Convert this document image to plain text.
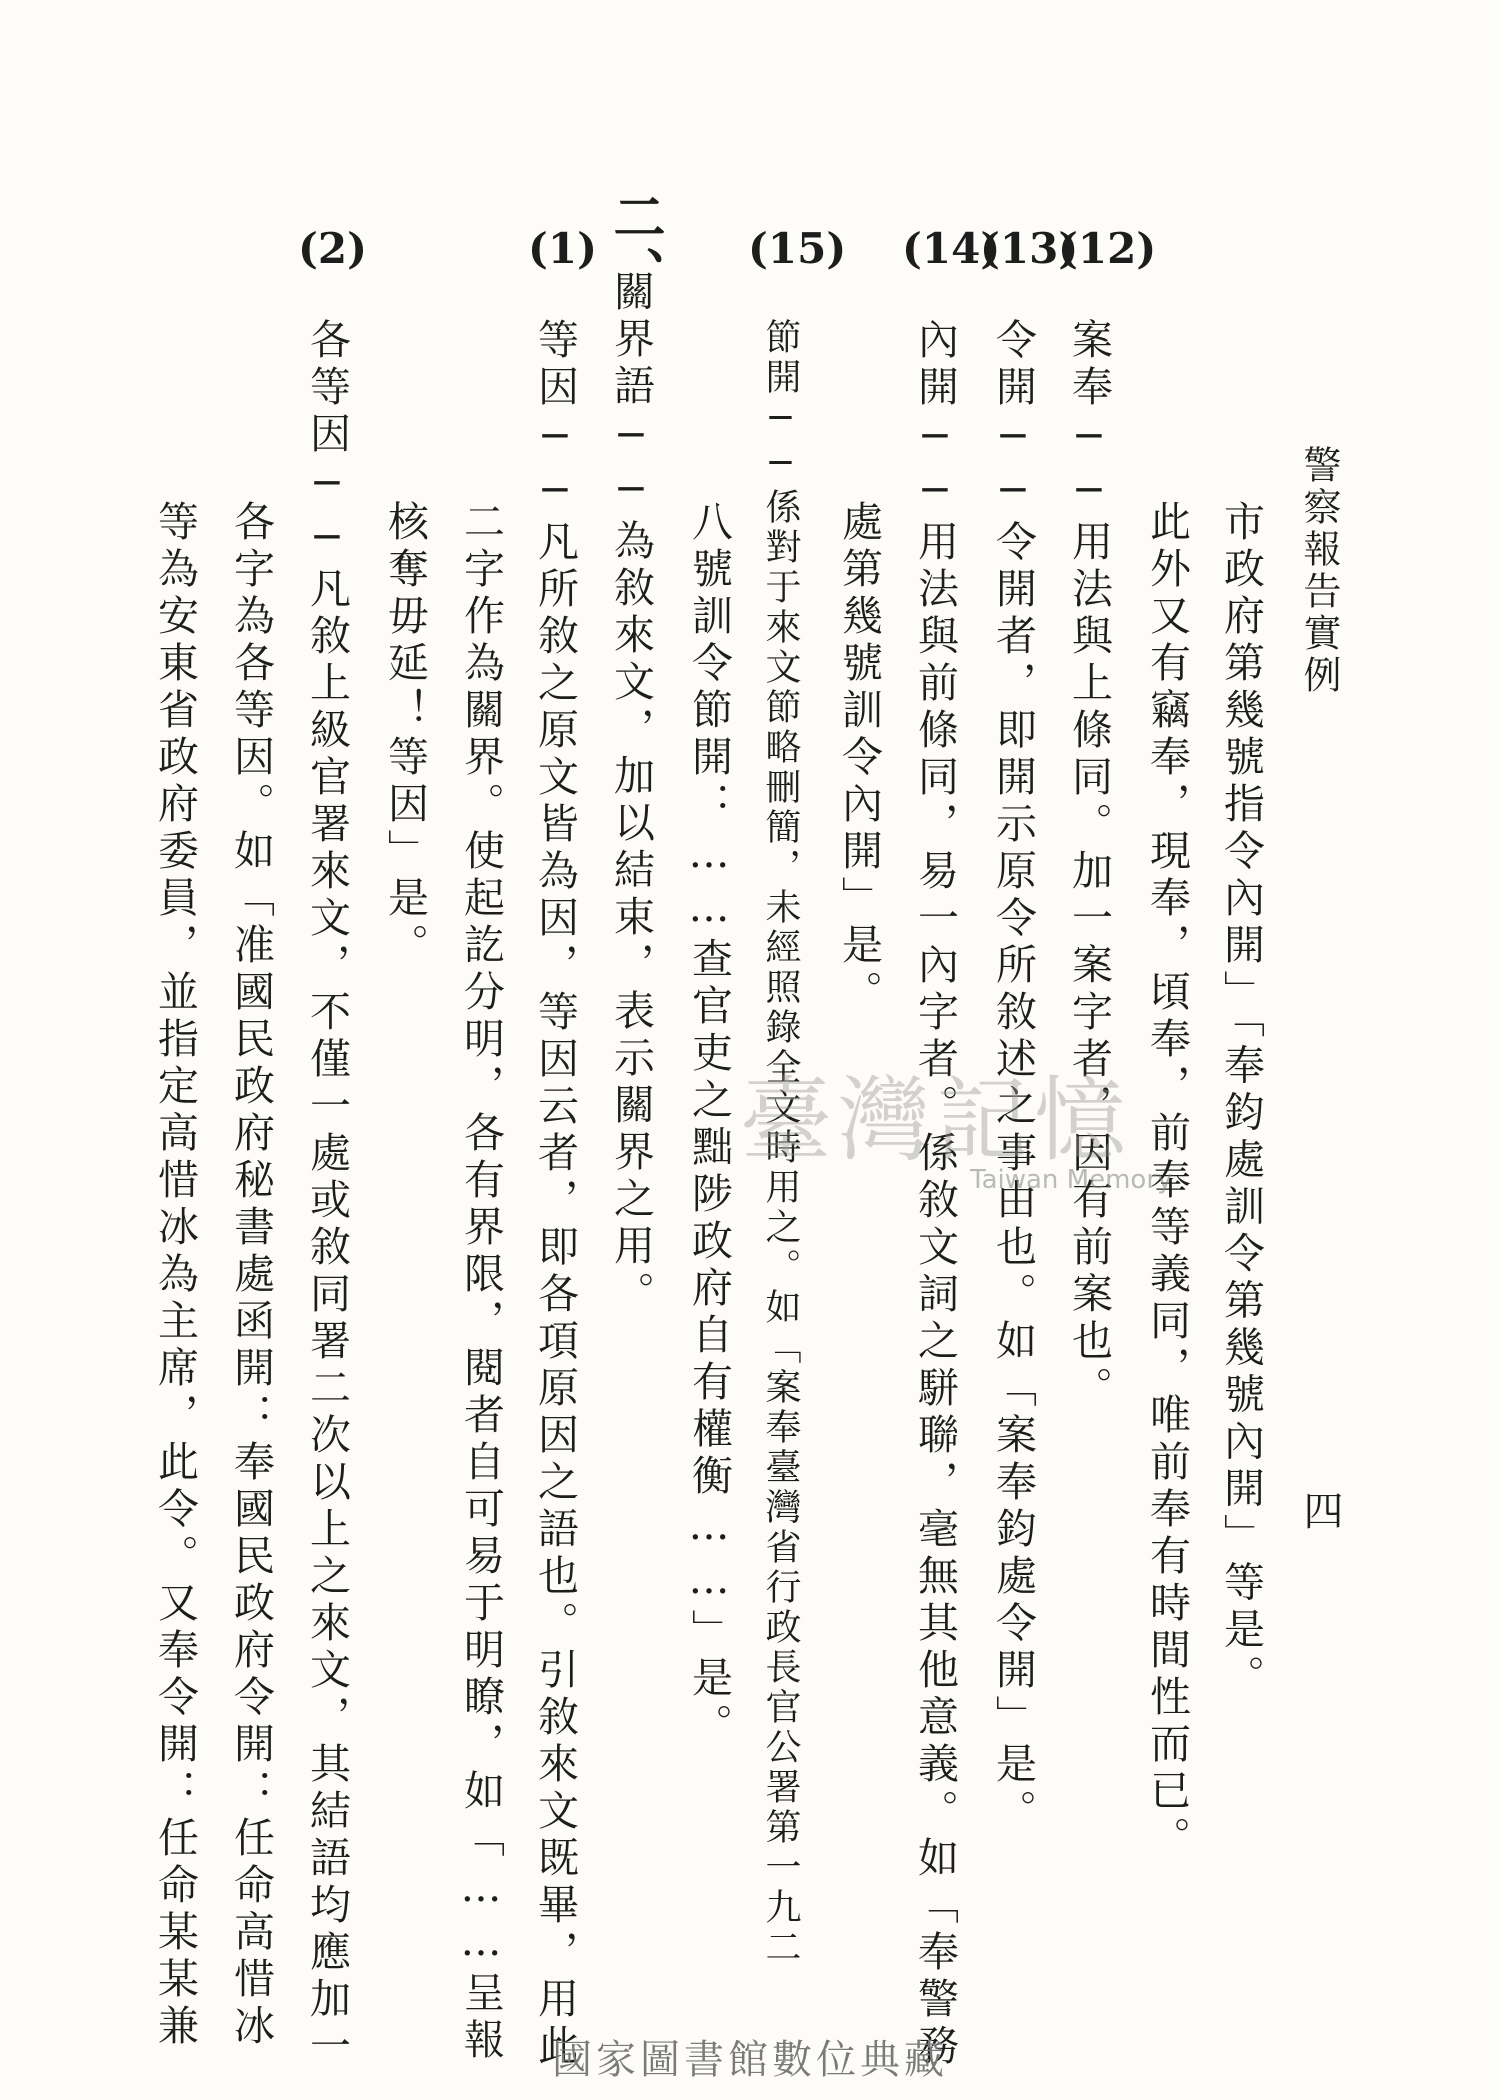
警察報告實例
四
(12)
(13)
(14)
(15)
二、
(1)
(2)
市政府第幾號指令內開」「奉鈞處訓令第幾號內開」等是。
此外又有竊奉，現奉，頃奉，前奉等義同，唯前奉有時間性而已。
案奉──用法與上條同。加一案字者，因有前案也。
令開──令開者，即開示原令所敘述之事由也。如「案奉鈞處令開」是。
內開──用法與前條同，易一內字者。係敘文詞之駢聯，毫無其他意義。如「奉警務
處第幾號訓令內開」是。
節開──係對于來文節略刪簡，未經照錄全文時用之。如「案奉臺灣省行政長官公署第一九二
八號訓令節開：……查官吏之黜陟政府自有權衡……」是。
關界語──為敘來文，加以結束，表示關界之用。
等因──凡所敘之原文皆為因，等因云者，即各項原因之語也。引敘來文既畢，用此
二字作為關界。使起訖分明，各有界限，閱者自可易于明瞭，如「……呈報
核奪毋延！等因」是。
各等因──凡敘上級官署來文，不僅一處或敘同署二次以上之來文，其結語均應加一
各字為各等因。如「准國民政府秘書處函開：奉國民政府令開：任命高惜冰
等為安東省政府委員，並指定高惜冰為主席，此令。又奉令開：任命某某兼	臺灣記憶
Taiwan Memory
國家圖書館數位典藏
